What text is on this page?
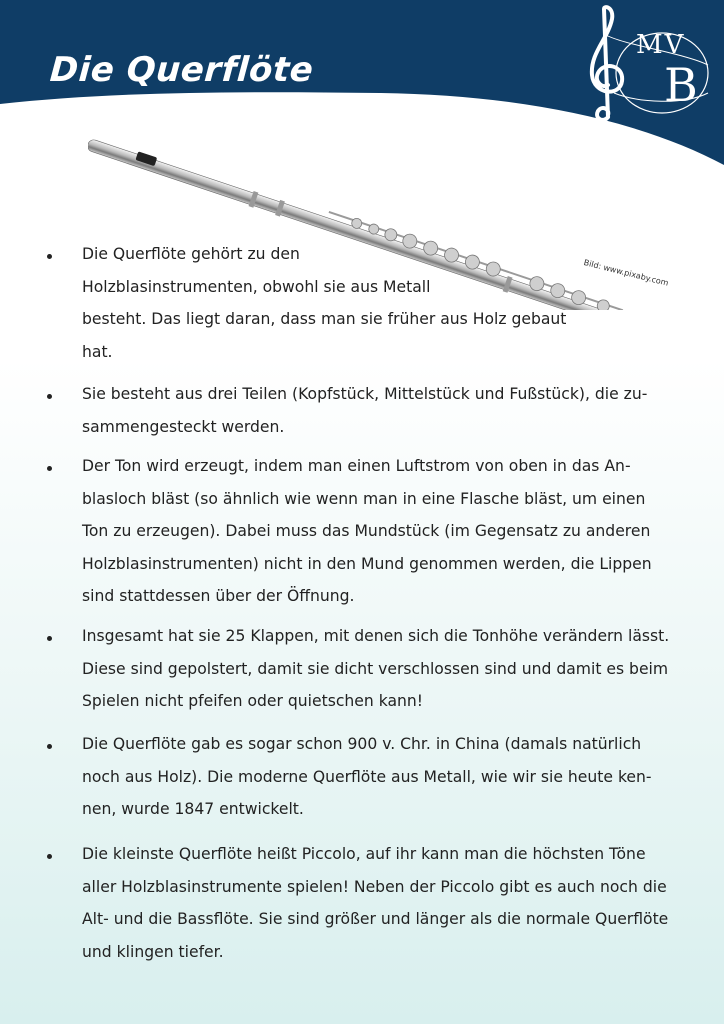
Die Querflöte
MV
B
Bild: www.pixaby.com
Die Querflöte gehört zu den
Holzblasinstrumenten, obwohl sie aus Metall
besteht. Das liegt daran, dass man sie früher aus Holz gebaut
hat.
Sie besteht aus drei Teilen (Kopfstück, Mittelstück und Fußstück), die zu-
sammengesteckt werden.
Der Ton wird erzeugt, indem man einen Luftstrom von oben in das An-
blasloch bläst (so ähnlich wie wenn man in eine Flasche bläst, um einen
Ton zu erzeugen). Dabei muss das Mundstück (im Gegensatz zu anderen
Holzblasinstrumenten) nicht in den Mund genommen werden, die Lippen
sind stattdessen über der Öffnung.
Insgesamt hat sie 25 Klappen, mit denen sich die Tonhöhe verändern lässt.
Diese sind gepolstert, damit sie dicht verschlossen sind und damit es beim
Spielen nicht pfeifen oder quietschen kann!
Die Querflöte gab es sogar schon 900 v. Chr. in China (damals natürlich
noch aus Holz). Die moderne Querflöte aus Metall, wie wir sie heute ken-
nen, wurde 1847 entwickelt.
Die kleinste Querflöte heißt Piccolo, auf ihr kann man die höchsten Töne
aller Holzblasinstrumente spielen! Neben der Piccolo gibt es auch noch die
Alt- und die Bassflöte. Sie sind größer und länger als die normale Querflöte
und klingen tiefer.
